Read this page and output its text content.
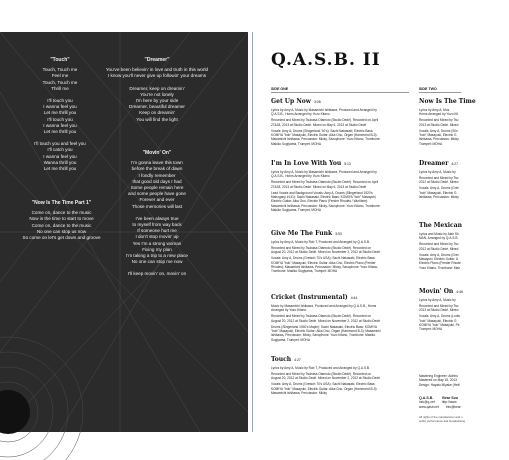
"Touch"
Touch, Touch me
Feel me
Touch, Touch me
Thrill me
I'll touch you
I wanna feel you
Let me thrill you
I'll touch you
I wanna feel you
Let me thrill you
I'll touch you and feel you
I'll catch you
I wanna feel you
Wanna thrill you
Let me thrill you
"Dreamer"
You've been believin' in love and truth in this world
I know you'll never give up followin' your dreams
Dreamer, keep on dreamin'
You're not lonely
I'm here by your side
Dreamer, beautiful dreamer
Keep on dreamin'
You will find the light
"Movin' On"
I'm gonna leave this town
before the break of dawn
I fondly remember
that good old days I had
Some people remain here
and some people have gone
Forever and ever
Those memories will last
I've been always true
to myself from way back
If someone hurt me
I don't stop movin' up
Yes I'm a strong woman
Fixing my plan
I'm taking a trip to a new place
No one can stop me now
I'll keep movin' on, movin' on
"Now Is The Time Part 1"
Come on, dance to the music
Now is the time to start to move
Come on, dance to the music
No one can stop us now
So come on let's get down and groove
Q.A.S.B. II
SIDE ONE	SIDE TWO
Get Up Now 3:08

Lyrics by Amy A, Music by Masamichi Ishikawa, Produced and Arranged by Q.A.S.B., Horns Arranged by Yuzo Kitano

Recorded and Mixed by Tsubasa Otamoto (Studio Dedé). Recorded on April 27&28, 2013 at Studio Dedé. Mixed on May 6, 2013 at Studio Dedé

Vocals: Amy A, Drums (Slingerland '40's): Sachi Nakasaki, Electric Bass: KOMIYA "bob" Masayuki, Electric Guitar: Aika Ono, Organ (Hammond B-3): Masamichi Ishikawa, Percussion: Micky, Saxophone: Yuzo Kitano, Trombone: Makiko Sugiyama, Trumpet: MOHA

I'm In Love With You 5:13

Lyrics by Amy A, Music by Masamichi Ishikawa, Produced and Arranged by Q.A.S.B., Horns Arranged by Yuzo Kitano

Recorded and Mixed by Tsubasa Otamoto (Studio Dedé). Recorded on April 27&28, 2013 at Studio Dedé. Mixed on May 6, 2013 at Studio Dedé

Lead Vocals and Background Vocals: Amy A, Drums (Slingerland 1920's Mahogany #141): Sachi Nakasaki, Electric Bass: KOMIYA "bob" Masayuki, Electric Guitar: Aika Ono, Electric Piano (Fender Rhodes / Wurlitzer): Masamichi Ishikawa, Percussion: Micky, Saxophone: Yuzo Kitano, Trombone: Makiko Sugiyama, Trumpet: MOHA

Give Me The Funk 3:53

Lyrics by Amy A, Music by Rob T, Produced and Arranged by Q.A.S.B.

Recorded and Mixed by Tsubasa Otamoto (Studio Dedé). Recorded on August 20, 2012 at Studio Dedé. Mixed on November 2, 2012 at Studio Dedé

Vocals: Amy A, Drums (Gretsch 70's USA): Sachi Nakasaki, Electric Bass: KOMIYA "bob" Masayuki, Electric Guitar: Aika Ono, Electric Piano (Fender Rhodes): Masamichi Ishikawa, Percussion: Micky, Saxophone: Yuzo Kitano, Trombone: Makiko Sugiyama, Trumpet: MOHA

Cricket (Instrumental) 4:44

Music by Masamichi Ishikawa, Produced and Arranged by Q.A.S.B., Horns Arranged by Yuzo Kitano

Recorded and Mixed by Tsubasa Otamoto (Studio Dedé). Recorded on August 20, 2012 at Studio Dedé. Mixed on November 2, 2012 at Studio Dedé

Drums (Slingerland 1940's Maple): Sachi Nakasaki, Electric Bass: KOMIYA "bob" Masayuki, Electric Guitar: Aika Ono, Organ (Hammond B-3): Masamichi Ishikawa, Percussion: Micky, Saxophone: Yuzo Kitano, Trombone: Makiko Sugiyama, Trumpet: MOHA

Touch 4:27

Lyrics by Amy A, Music by Rob T, Produced and Arranged by Q.A.S.B.

Recorded and Mixed by Tsubasa Otamoto (Studio Dedé). Recorded on August 20, 2012 at Studio Dedé. Mixed on November 2, 2012 at Studio Dedé

Vocals: Amy A, Drums (Gretsch 70's USA): Sachi Nakasaki, Electric Bass: KOMIYA "bob" Masayuki, Electric Guitar: Aika Ono, Organ (Hammond B-3): Masamichi Ishikawa, Percussion: Micky

Now Is The Time

Lyrics by Amy A, Mus
Horns Arranged by Yuzo Kit

Recorded and Mixed by Tsu
2013 at Studio Dedé. Mixed

Vocals: Amy A, Drums (Slin
"bob" Masayuki, Electric G
Ishikawa, Percussion: Micky
Trumpet: MOHA

Dreamer 4:27

Lyrics by Amy A, Music by

Recorded and Mixed by Tsu
2012 at Studio Dedé. Mixed

Vocals: Amy A, Drums (Gret
"bob" Masayuki, Electric G
Ishikawa, Percussion: Micky

The Mexican

Lyrics and Music by Alan Sh
MAN, Arranged by Q.A.S.B.

Recorded and Mixed by Tsu
2012 at Studio Dedé. Mixed

Vocals: Amy A, Drums (Gret
Masayuki, Electric Guitar: A
Electric Piano (Fender Rhode
Yuzo Kitano, Trombone: Mak

Movin' On 4:46

Lyrics by Amy A, Music by

Recorded and Mixed by Tsu
2013 at Studio Dedé. Mixed

Vocals: Amy A, Drums (Ludw
"bob" Masayuki, Electric G
KOMIYA "bob" Masayuki, Pe
Trumpet: MOHA

Mastering Engineer: Akihiro
Mastered on May 15, 2013
Design: Hayato Miyake (Hett
Q.A.S.B. Bear Sou
info@q-net http://www
www.qasb.net info@bear
All rights of the manufacturer and o
public performance and broadcasting
